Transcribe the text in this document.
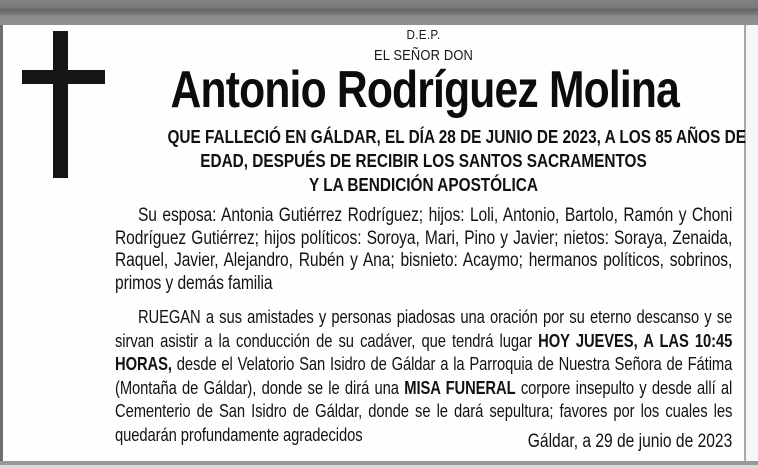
D.E.P.
EL SEÑOR DON
Antonio Rodríguez Molina
QUE FALLECIÓ EN GÁLDAR, EL DÍA 28 DE JUNIO DE 2023, A LOS 85 AÑOS DE
EDAD, DESPUÉS DE RECIBIR LOS SANTOS SACRAMENTOS
Y LA BENDICIÓN APOSTÓLICA

Su esposa: Antonia Gutiérrez Rodríguez; hijos: Loli, Antonio, Bartolo, Ramón y Choni Rodríguez Gutiérrez; hijos políticos: Soroya, Mari, Pino y Javier; nietos: Soraya, Zenaida, Raquel, Javier, Alejandro, Rubén y Ana; bisnieto: Acaymo; hermanos políticos, sobrinos, primos y demás familia

RUEGAN a sus amistades y personas piadosas una oración por su eterno descanso y se sirvan asistir a la conducción de su cadáver, que tendrá lugar HOY JUEVES, A LAS 10:45 HORAS, desde el Velatorio San Isidro de Gáldar a la Parroquia de Nuestra Señora de Fátima (Montaña de Gáldar), donde se le dirá una MISA FUNERAL corpore insepulto y desde allí al Cementerio de San Isidro de Gáldar, donde se le dará sepultura; favores por los cuales les quedarán profundamente agradecidos	Gáldar, a 29 de junio de 2023
